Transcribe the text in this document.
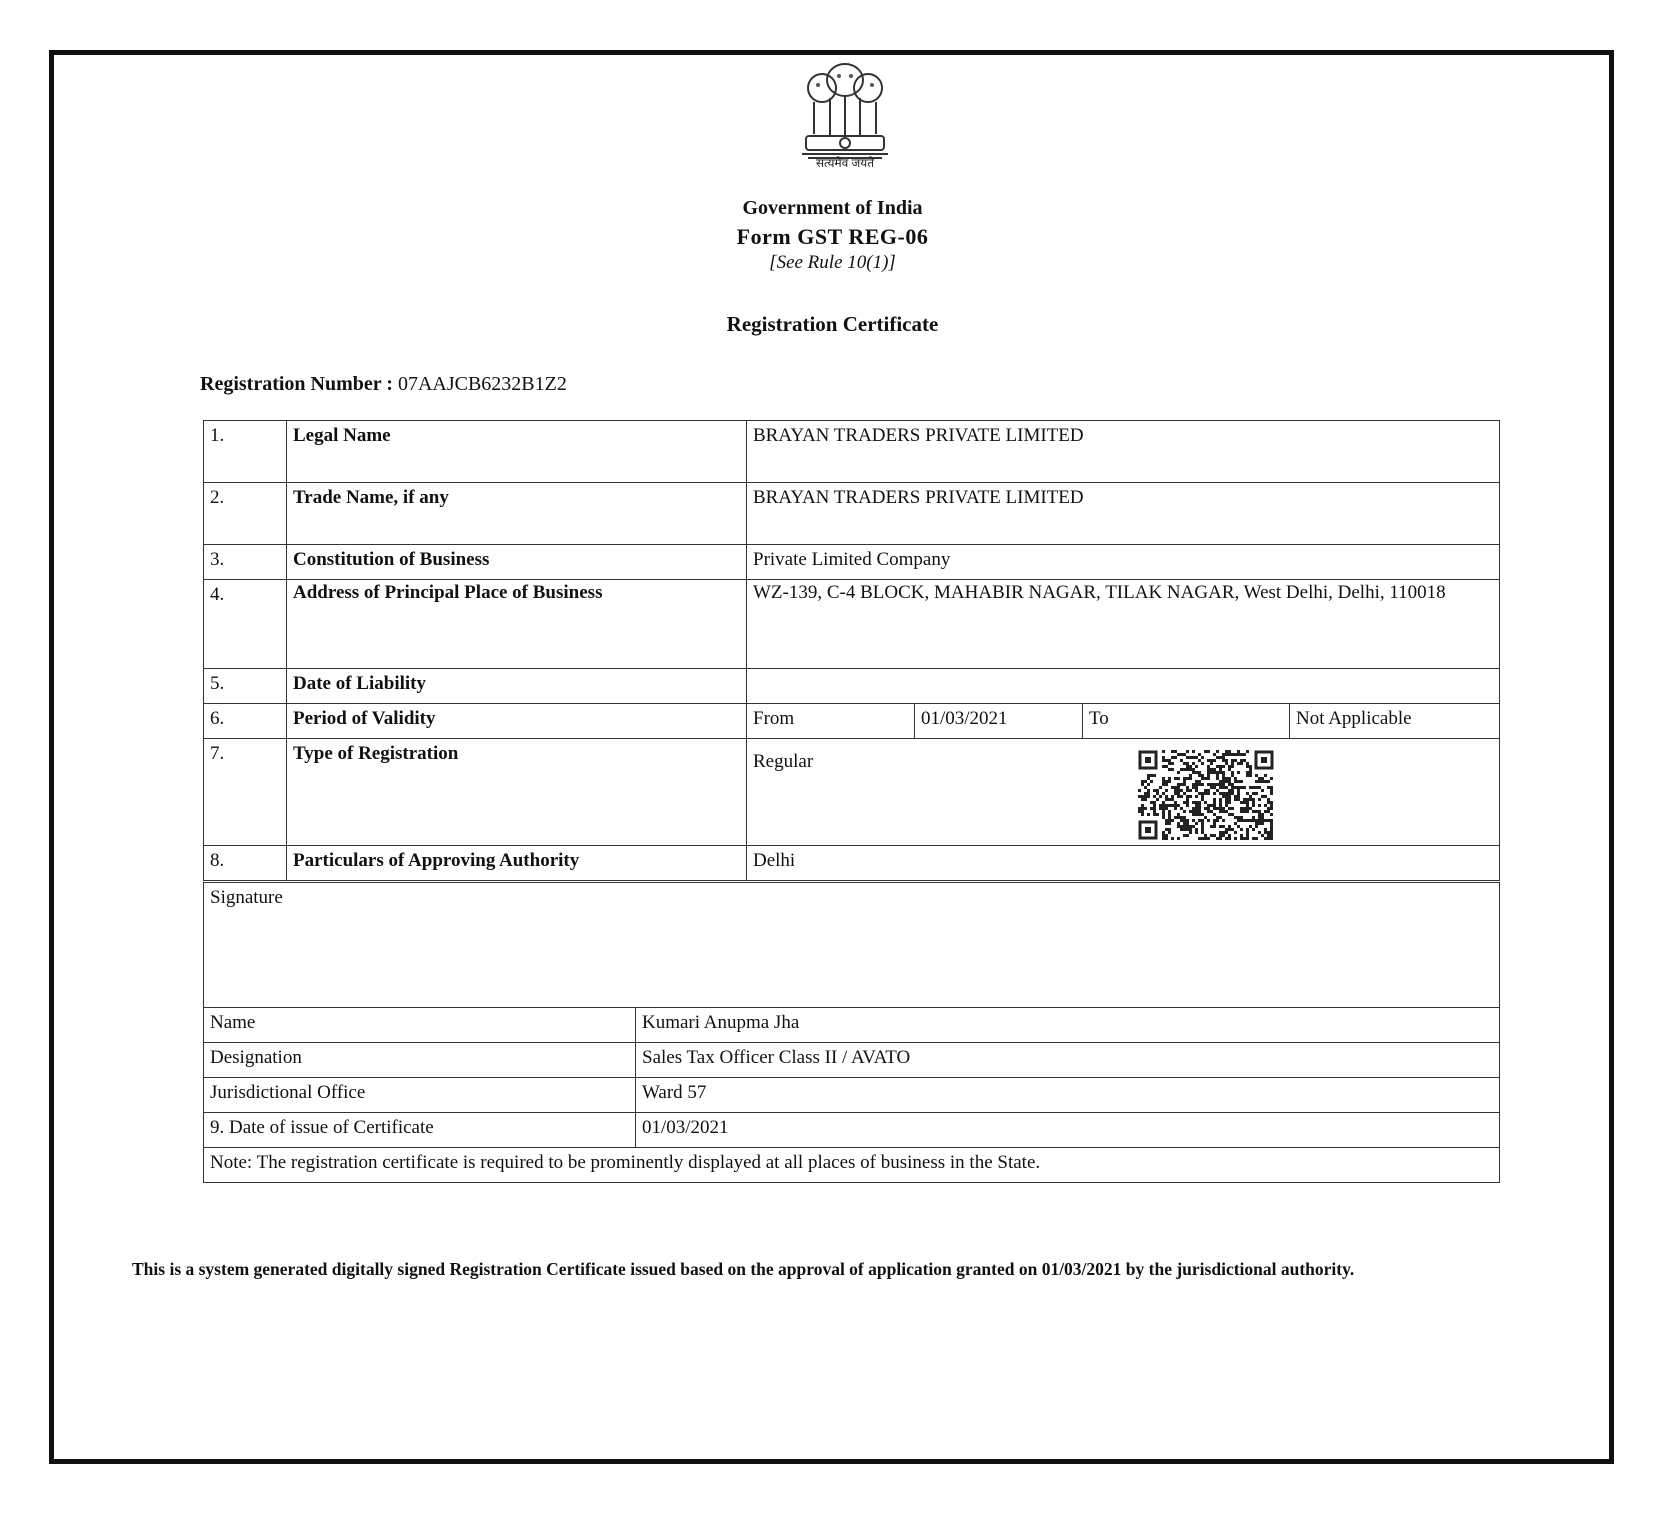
सत्यमेव जयते
Government of India
Form GST REG-06
[See Rule 10(1)]
Registration Certificate
Registration Number : 07AAJCB6232B1Z2
1.	Legal Name	BRAYAN TRADERS PRIVATE LIMITED			
2.	Trade Name, if any	BRAYAN TRADERS PRIVATE LIMITED			
3.	Constitution of Business	Private Limited Company			
4.	Address of Principal Place of Business	WZ-139, C-4 BLOCK, MAHABIR NAGAR, TILAK NAGAR, West Delhi, Delhi, 110018			
5.	Date of Liability				
6.	Period of Validity	From	01/03/2021	To	Not Applicable
7.	Type of Registration	Regular			
8.	Particulars of Approving Authority	Delhi			
Signature	
Name	Kumari Anupma Jha
Designation	Sales Tax Officer Class II / AVATO
Jurisdictional Office	Ward 57
9. Date of issue of Certificate	01/03/2021
Note: The registration certificate is required to be prominently displayed at all places of business in the State.	
This is a system generated digitally signed Registration Certificate issued based on the approval of application granted on 01/03/2021 by the jurisdictional authority.
